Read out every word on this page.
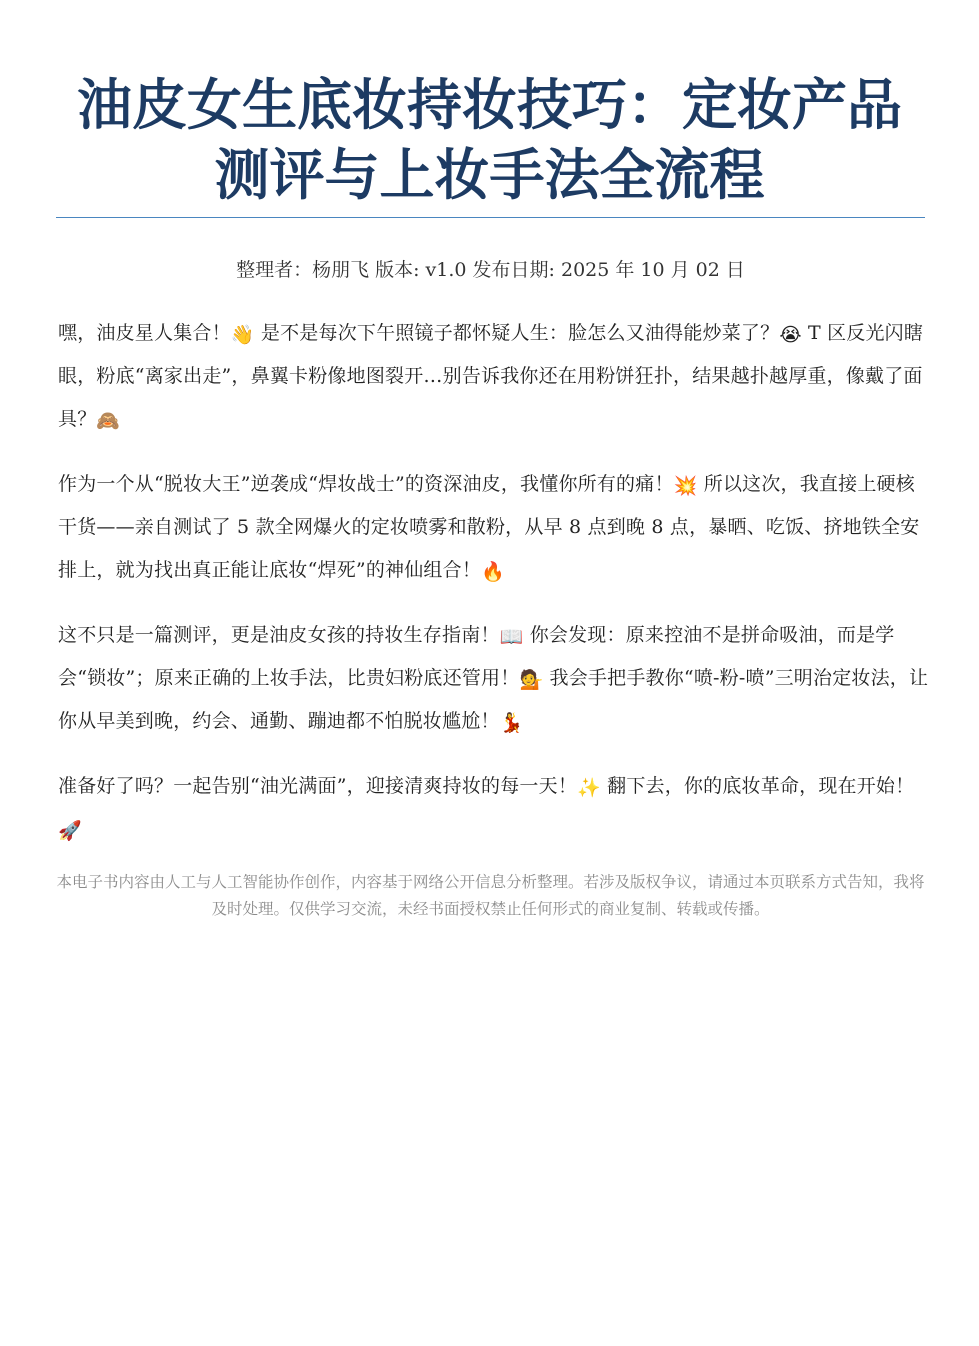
油皮女生底妆持妆技巧：定妆产品
测评与上妆手法全流程
整理者：杨朋飞 版本: v1.0 发布日期: 2025 年 10 月 02 日

嘿，油皮星人集合！👋 是不是每次下午照镜子都怀疑人生：脸怎么又油得能炒菜了？😭 T 区反光闪瞎眼，粉底“离家出走”，鼻翼卡粉像地图裂开…别告诉我你还在用粉饼狂扑，结果越扑越厚重，像戴了面具？🙈

作为一个从“脱妆大王”逆袭成“焊妆战士”的资深油皮，我懂你所有的痛！💥 所以这次，我直接上硬核干货——亲自测试了 5 款全网爆火的定妆喷雾和散粉，从早 8 点到晚 8 点，暴晒、吃饭、挤地铁全安排上，就为找出真正能让底妆“焊死”的神仙组合！🔥

这不只是一篇测评，更是油皮女孩的持妆生存指南！📖 你会发现：原来控油不是拼命吸油，而是学会“锁妆”；原来正确的上妆手法，比贵妇粉底还管用！💁 我会手把手教你“喷-粉-喷”三明治定妆法，让你从早美到晚，约会、通勤、蹦迪都不怕脱妆尴尬！💃

准备好了吗？一起告别“油光满面”，迎接清爽持妆的每一天！✨ 翻下去，你的底妆革命，现在开始！🚀

本电子书内容由人工与人工智能协作创作，内容基于网络公开信息分析整理。若涉及版权争议，请通过本页联系方式告知，我将及时处理。仅供学习交流，未经书面授权禁止任何形式的商业复制、转载或传播。
